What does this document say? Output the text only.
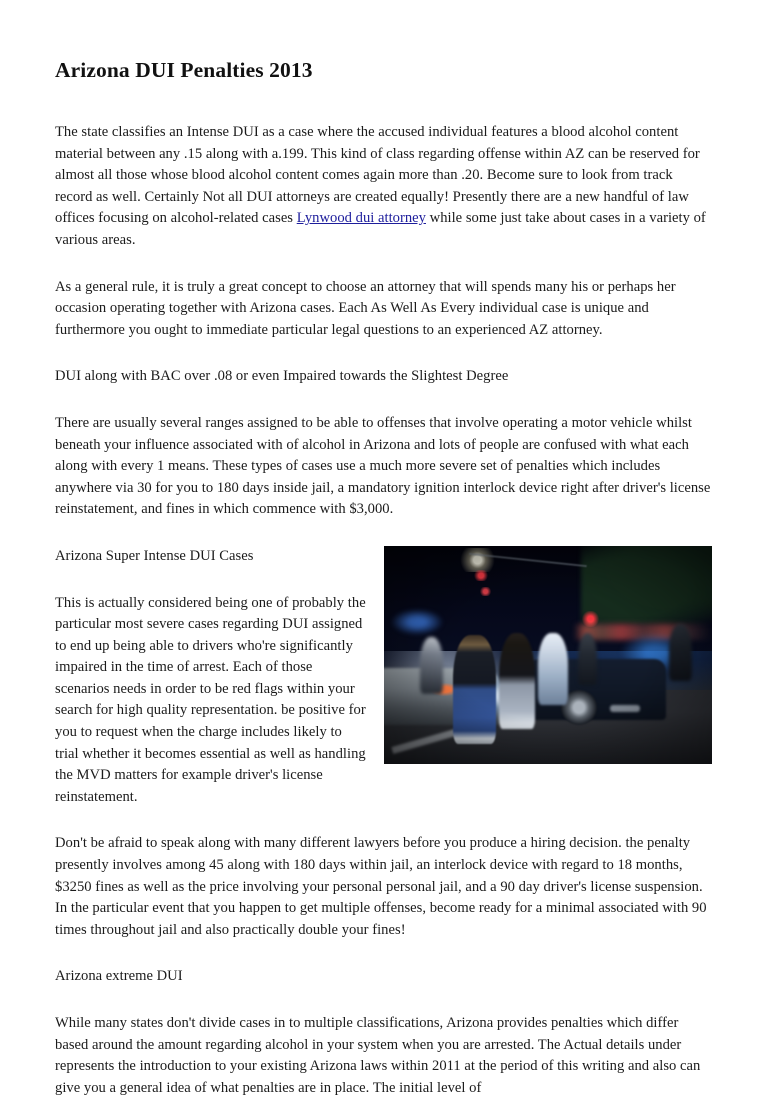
Arizona DUI Penalties 2013

The state classifies an Intense DUI as a case where the accused individual features a blood alcohol content material between any .15 along with a.199. This kind of class regarding offense within AZ can be reserved for almost all those whose blood alcohol content comes again more than .20. Become sure to look from track record as well. Certainly Not all DUI attorneys are created equally! Presently there are a new handful of law offices focusing on alcohol-related cases Lynwood dui attorney while some just take about cases in a variety of various areas.

As a general rule, it is truly a great concept to choose an attorney that will spends many his or perhaps her occasion operating together with Arizona cases. Each As Well As Every individual case is unique and furthermore you ought to immediate particular legal questions to an experienced AZ attorney.

DUI along with BAC over .08 or even Impaired towards the Slightest Degree

There are usually several ranges assigned to be able to offenses that involve operating a motor vehicle whilst beneath your influence associated with of alcohol in Arizona and lots of people are confused with what each along with every 1 means. These types of cases use a much more severe set of penalties which includes anywhere via 30 for you to 180 days inside jail, a mandatory ignition interlock device right after driver's license reinstatement, and fines in which commence with $3,000.

Arizona Super Intense DUI Cases

This is actually considered being one of probably the particular most severe cases regarding DUI assigned to end up being able to drivers who're significantly impaired in the time of arrest. Each of those scenarios needs in order to be red flags within your search for high quality representation. be positive for you to request when the charge includes likely to trial whether it becomes essential as well as handling the MVD matters for example driver's license reinstatement.

Don't be afraid to speak along with many different lawyers before you produce a hiring decision. the penalty presently involves among 45 along with 180 days within jail, an interlock device with regard to 18 months, $3250 fines as well as the price involving your personal personal jail, and a 90 day driver's license suspension. In the particular event that you happen to get multiple offenses, become ready for a minimal associated with 90 times throughout jail and also practically double your fines!

Arizona extreme DUI

While many states don't divide cases in to multiple classifications, Arizona provides penalties which differ based around the amount regarding alcohol in your system when you are arrested. The Actual details under represents the introduction to your existing Arizona laws within 2011 at the period of this writing and also can give you a general idea of what penalties are in place. The initial level of
